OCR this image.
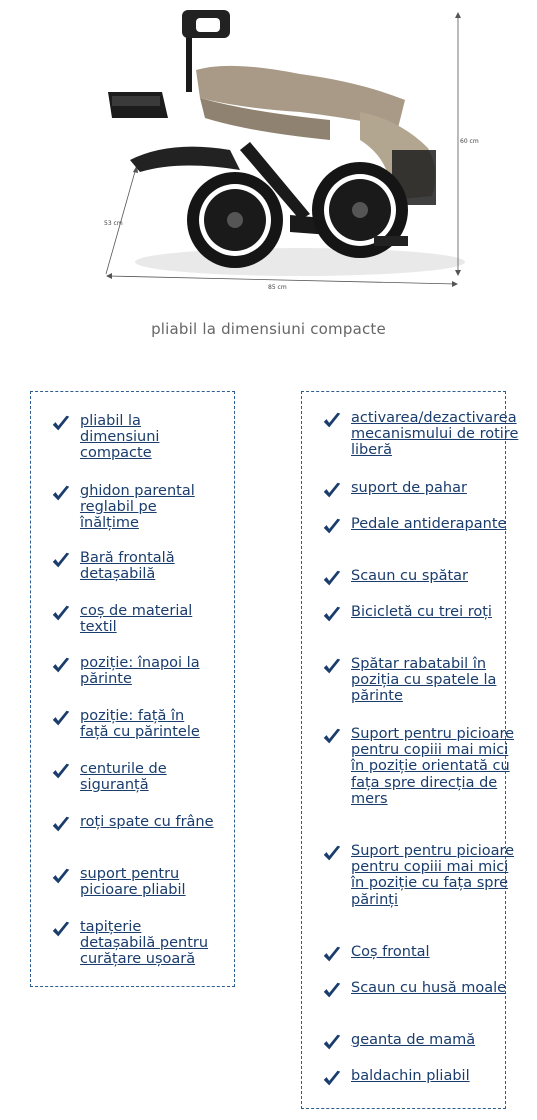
60 cm
53 cm
85 cm
pliabil la dimensiuni compacte
pliabil la dimensiuni compacte
ghidon parental reglabil pe înălțime
Bară frontală detașabilă
coș de material textil
poziție: înapoi la părinte
poziție: față în față cu părintele
centurile de siguranță
roți spate cu frâne
suport pentru picioare pliabil
tapițerie detașabilă pentru curățare ușoară
activarea/dezactivarea mecanismului de rotire liberă
suport de pahar
Pedale antiderapante
Scaun cu spătar
Bicicletă cu trei roți
Spătar rabatabil în poziția cu spatele la părinte
Suport pentru picioare pentru copiii mai mici în poziție orientată cu fața spre direcția de mers
Suport pentru picioare pentru copiii mai mici în poziție cu fața spre părinți
Coș frontal
Scaun cu husă moale
geanta de mamă
baldachin pliabil
